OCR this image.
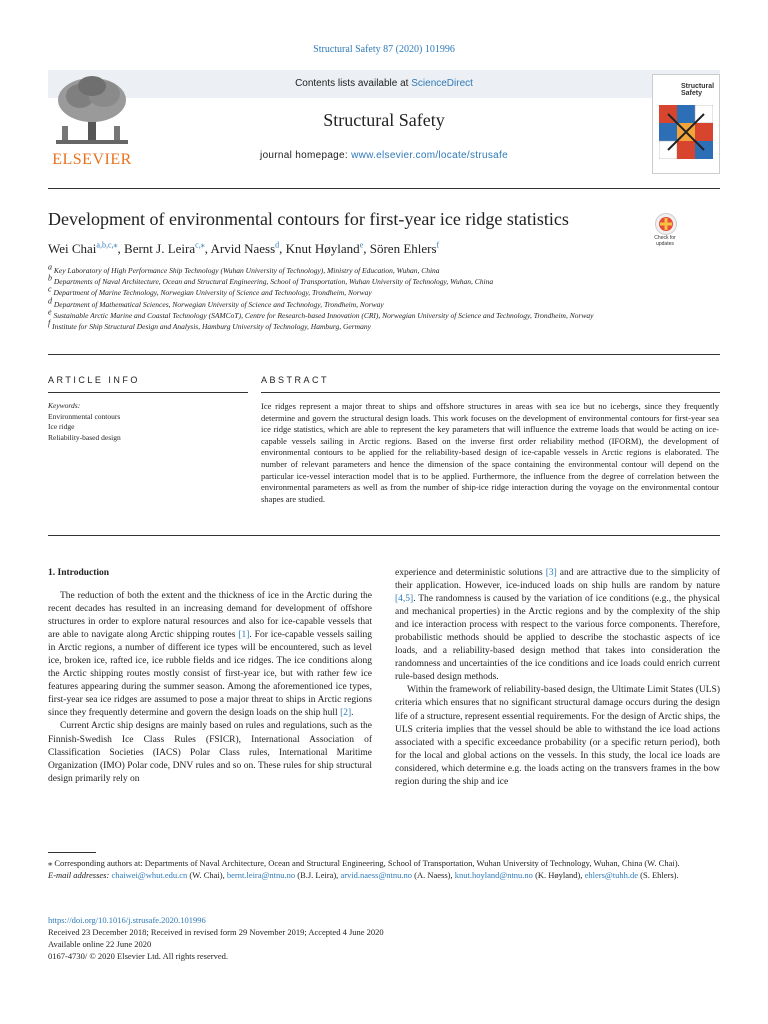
Structural Safety 87 (2020) 101996
ELSEVIER
Contents lists available at ScienceDirect
Structural Safety
journal homepage: www.elsevier.com/locate/strusafe
Structural Safety
Development of environmental contours for first-year ice ridge statistics
Check for updates
Wei Chai$^{a,b,c,⁎}$, Bernt J. Leira$^{c,⁎}$, Arvid Naess$^d$, Knut Høyland$^e$, Sören Ehlers$^f$
$^a$ Key Laboratory of High Performance Ship Technology (Wuhan University of Technology), Ministry of Education, Wuhan, China
$^b$ Departments of Naval Architecture, Ocean and Structural Engineering, School of Transportation, Wuhan University of Technology, Wuhan, China
$^c$ Department of Marine Technology, Norwegian University of Science and Technology, Trondheim, Norway
$^d$ Department of Mathematical Sciences, Norwegian University of Science and Technology, Trondheim, Norway
$^e$ Sustainable Arctic Marine and Coastal Technology (SAMCoT), Centre for Research-based Innovation (CRI), Norwegian University of Science and Technology, Trondheim, Norway
$^f$ Institute for Ship Structural Design and Analysis, Hamburg University of Technology, Hamburg, Germany
ARTICLE INFO	ABSTRACT
Keywords:
Environmental contours
Ice ridge
Reliability-based design
Ice ridges represent a major threat to ships and offshore structures in areas with sea ice but no icebergs, since they frequently determine and govern the structural design loads. This work focuses on the development of environmental contours for first-year sea ice ridge statistics, which are able to represent the key parameters that will influence the extreme loads that would be acting on ice-capable vessels sailing in Arctic regions. Based on the inverse first order reliability method (IFORM), the development of environmental contours to be applied for the reliability-based design of ice-capable vessels in Arctic regions is elaborated. The number of relevant parameters and hence the dimension of the space containing the environmental contour will depend on the particular ice-vessel interaction model that is to be applied. Furthermore, the influence from the degree of correlation between the environmental parameters as well as from the number of ship-ice ridge interaction during the voyage on the environmental contour shapes are studied.
1. Introduction

The reduction of both the extent and the thickness of ice in the Arctic during the recent decades has resulted in an increasing demand for development of offshore structures in order to explore natural resources and also for ice-capable vessels that are able to navigate along Arctic shipping routes [1]. For ice-capable vessels sailing in Arctic regions, a number of different ice types will be encountered, such as level ice, broken ice, rafted ice, ice rubble fields and ice ridges. The ice conditions along the Arctic shipping routes mostly consist of first-year ice, but with rather few ice features appearing during the summer season. Among the aforementioned ice types, first-year sea ice ridges are assumed to pose a major threat to ships in Arctic regions since they frequently determine and govern the design loads on the ship hull [2].

Current Arctic ship designs are mainly based on rules and regulations, such as the Finnish-Swedish Ice Class Rules (FSICR), International Association of Classification Societies (IACS) Polar Class rules, International Maritime Organization (IMO) Polar code, DNV rules and so on. These rules for ship structural design primarily rely on

experience and deterministic solutions [3] and are attractive due to the simplicity of their application. However, ice-induced loads on ship hulls are random by nature [4,5]. The randomness is caused by the variation of ice conditions (e.g., the physical and mechanical properties) in the Arctic regions and by the complexity of the ship and ice interaction process with respect to the various force components. Therefore, probabilistic methods should be applied to describe the stochastic aspects of ice loads, and a reliability-based design method that takes into consideration the randomness and uncertainties of the ice conditions and ice loads could enrich current rule-based design methods.

Within the framework of reliability-based design, the Ultimate Limit States (ULS) criteria which ensures that no significant structural damage occurs during the design life of a structure, represent essential requirements. For the design of Arctic ships, the ULS criteria implies that the vessel should be able to withstand the ice load actions associated with a specific exceedance probability (or a specific return period), both for the local and global actions on the vessels. In this study, the local ice loads are considered, which determine e.g. the loads acting on the transvers frames in the bow region during the ship and ice

⁎ Corresponding authors at: Departments of Naval Architecture, Ocean and Structural Engineering, School of Transportation, Wuhan University of Technology, Wuhan, China (W. Chai).
E-mail addresses: chaiwei@whut.edu.cn (W. Chai), bernt.leira@ntnu.no (B.J. Leira), arvid.naess@ntnu.no (A. Naess), knut.hoyland@ntnu.no (K. Høyland), ehlers@tuhh.de (S. Ehlers).
https://doi.org/10.1016/j.strusafe.2020.101996
Received 23 December 2018; Received in revised form 29 November 2019; Accepted 4 June 2020
Available online 22 June 2020
0167-4730/ © 2020 Elsevier Ltd. All rights reserved.
